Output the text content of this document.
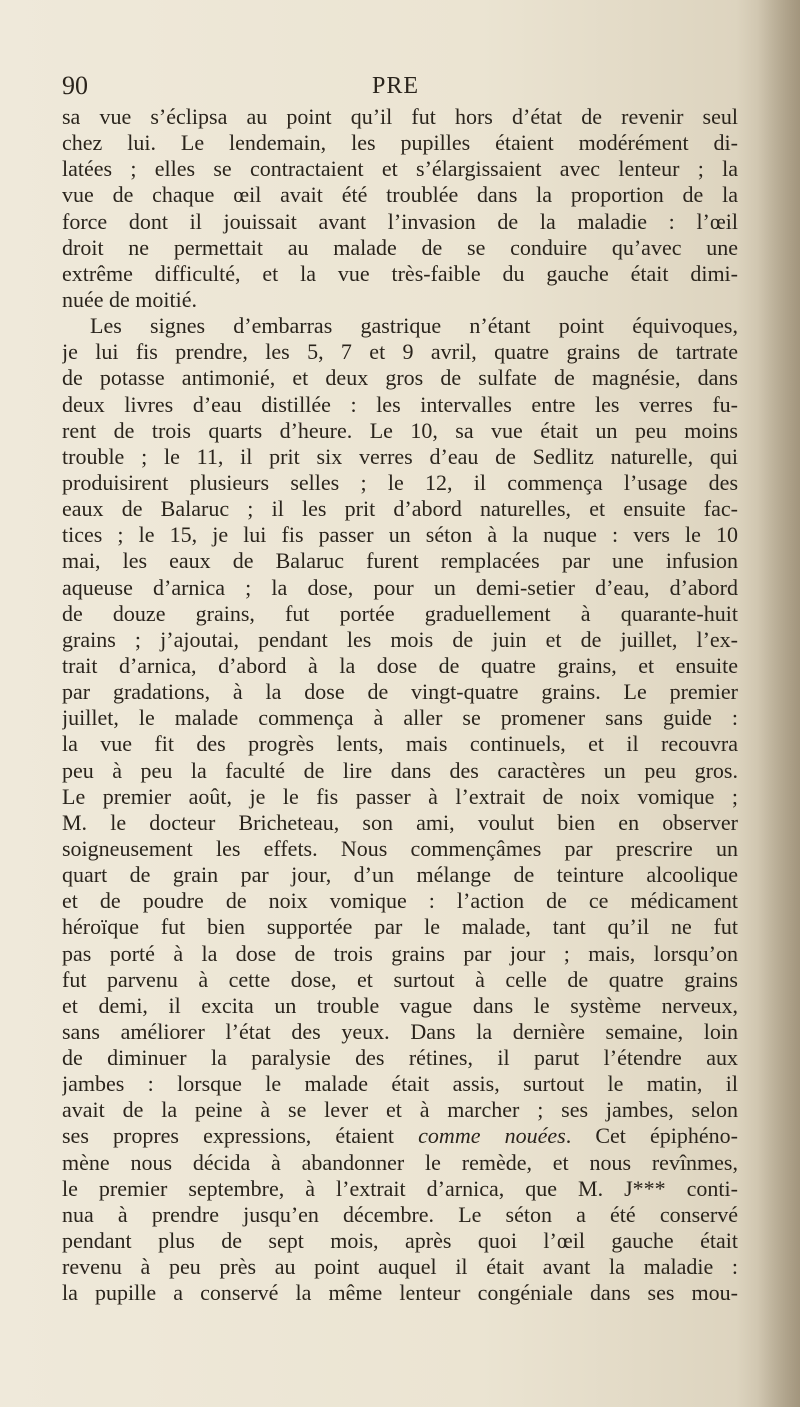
90	PRE
sa vue s’éclipsa au point qu’il fut hors d’état de revenir seul
chez lui. Le lendemain, les pupilles étaient modérément di-
latées ; elles se contractaient et s’élargissaient avec lenteur ; la
vue de chaque œil avait été troublée dans la proportion de la
force dont il jouissait avant l’invasion de la maladie : l’œil
droit ne permettait au malade de se conduire qu’avec une
extrême difficulté, et la vue très-faible du gauche était dimi-
nuée de moitié.
Les signes d’embarras gastrique n’étant point équivoques,
je lui fis prendre, les 5, 7 et 9 avril, quatre grains de tartrate
de potasse antimonié, et deux gros de sulfate de magnésie, dans
deux livres d’eau distillée : les intervalles entre les verres fu-
rent de trois quarts d’heure. Le 10, sa vue était un peu moins
trouble ; le 11, il prit six verres d’eau de Sedlitz naturelle, qui
produisirent plusieurs selles ; le 12, il commença l’usage des
eaux de Balaruc ; il les prit d’abord naturelles, et ensuite fac-
tices ; le 15, je lui fis passer un séton à la nuque : vers le 10
mai, les eaux de Balaruc furent remplacées par une infusion
aqueuse d’arnica ; la dose, pour un demi-setier d’eau, d’abord
de douze grains, fut portée graduellement à quarante-huit
grains ; j’ajoutai, pendant les mois de juin et de juillet, l’ex-
trait d’arnica, d’abord à la dose de quatre grains, et ensuite
par gradations, à la dose de vingt-quatre grains. Le premier
juillet, le malade commença à aller se promener sans guide :
la vue fit des progrès lents, mais continuels, et il recouvra
peu à peu la faculté de lire dans des caractères un peu gros.
Le premier août, je le fis passer à l’extrait de noix vomique ;
M. le docteur Bricheteau, son ami, voulut bien en observer
soigneusement les effets. Nous commençâmes par prescrire un
quart de grain par jour, d’un mélange de teinture alcoolique
et de poudre de noix vomique : l’action de ce médicament
héroïque fut bien supportée par le malade, tant qu’il ne fut
pas porté à la dose de trois grains par jour ; mais, lorsqu’on
fut parvenu à cette dose, et surtout à celle de quatre grains
et demi, il excita un trouble vague dans le système nerveux,
sans améliorer l’état des yeux. Dans la dernière semaine, loin
de diminuer la paralysie des rétines, il parut l’étendre aux
jambes : lorsque le malade était assis, surtout le matin, il
avait de la peine à se lever et à marcher ; ses jambes, selon
ses propres expressions, étaient comme nouées. Cet épiphéno-
mène nous décida à abandonner le remède, et nous revînmes,
le premier septembre, à l’extrait d’arnica, que M. J*** conti-
nua à prendre jusqu’en décembre. Le séton a été conservé
pendant plus de sept mois, après quoi l’œil gauche était
revenu à peu près au point auquel il était avant la maladie :
la pupille a conservé la même lenteur congéniale dans ses mou-
